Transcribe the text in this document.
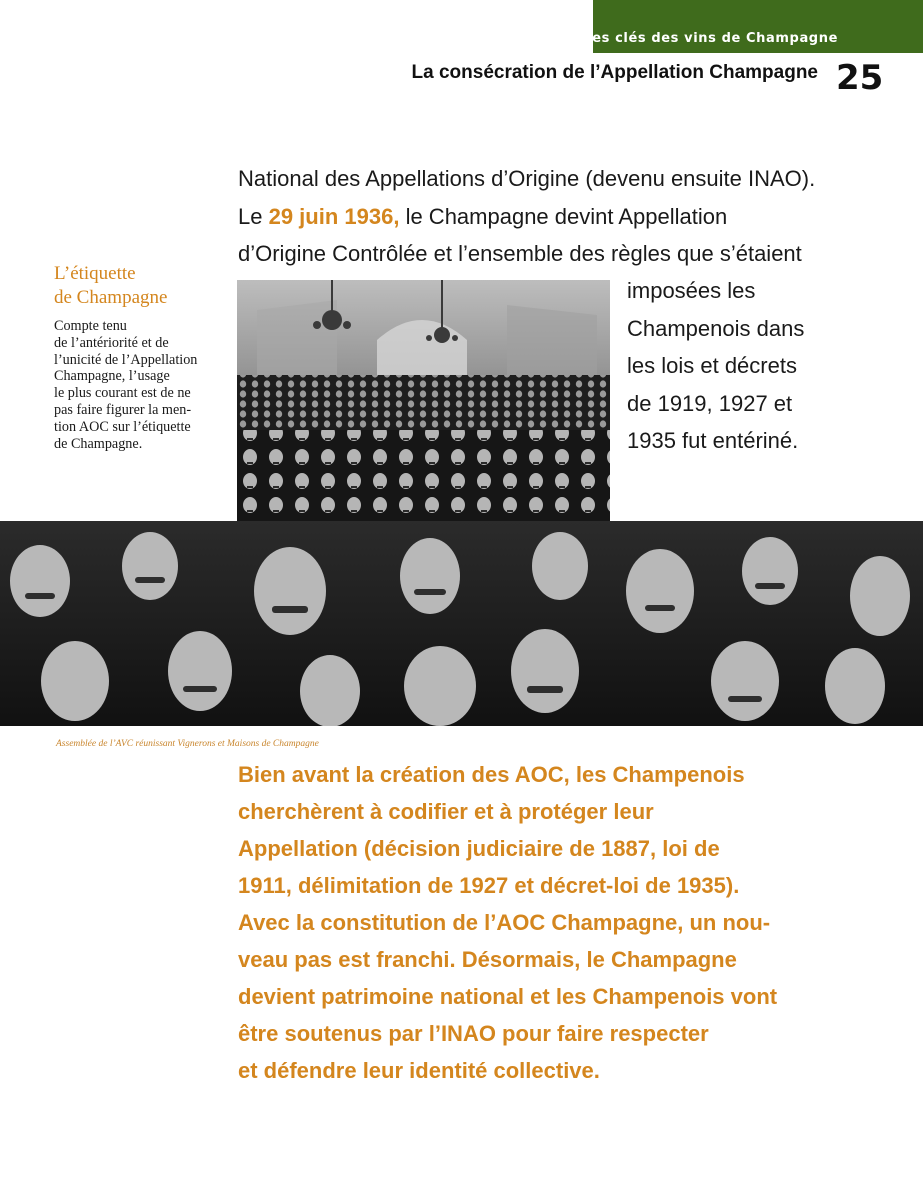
Les clés des vins de Champagne
La consécration de l’Appellation Champagne 25
National des Appellations d’Origine (devenu ensuite INAO).
Le 29 juin 1936, le Champagne devint Appellation
d’Origine Contrôlée et l’ensemble des règles que s’étaient
imposées les
Champenois dans
les lois et décrets
de 1919, 1927 et
1935 fut entériné.
L’étiquette
de Champagne

Compte tenu
de l’antériorité et de
l’unicité de l’Appellation
Champagne, l’usage
le plus courant est de ne
pas faire figurer la men-
tion AOC sur l’étiquette
de Champagne.

Assemblée de l’AVC réunissant Vignerons et Maisons de Champagne
Bien avant la création des AOC, les Champenois
cherchèrent à codifier et à protéger leur
Appellation (décision judiciaire de 1887, loi de
1911, délimitation de 1927 et décret-loi de 1935).
Avec la constitution de l’AOC Champagne, un nou-
veau pas est franchi. Désormais, le Champagne
devient patrimoine national et les Champenois vont
être soutenus par l’INAO pour faire respecter
et défendre leur identité collective.
